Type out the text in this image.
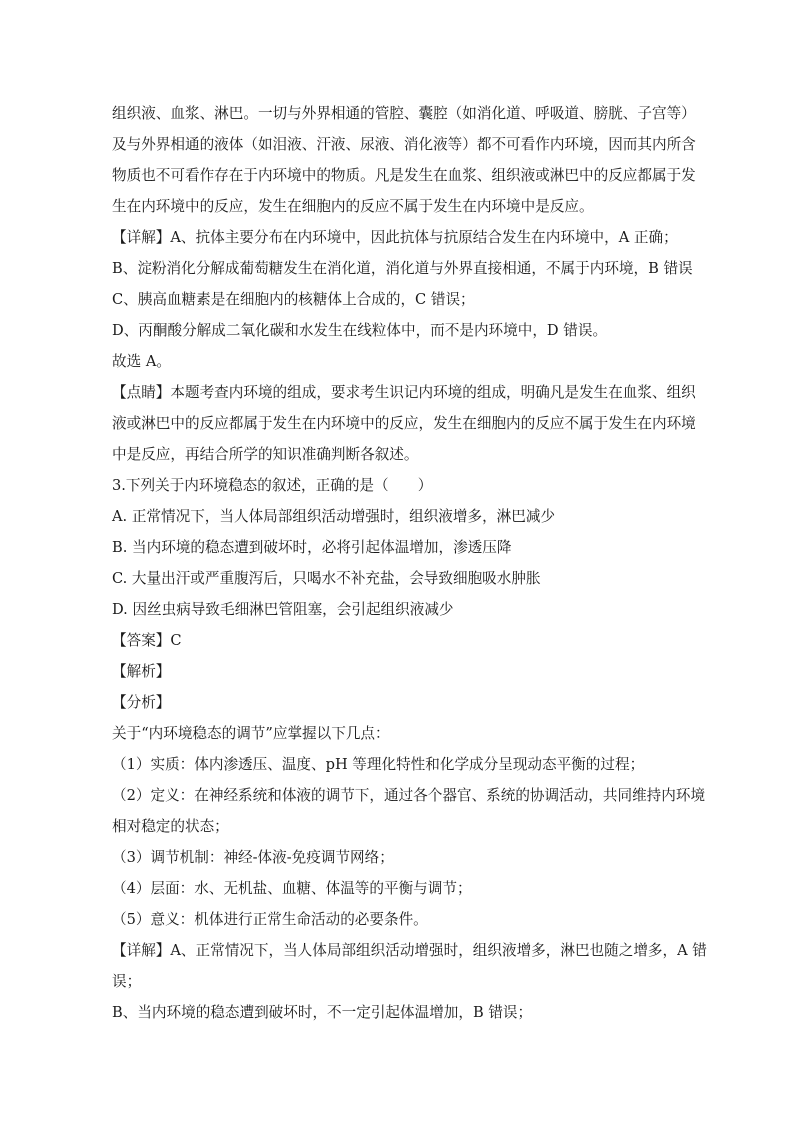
组织液、血浆、淋巴。一切与外界相通的管腔、囊腔（如消化道、呼吸道、膀胱、子宫等）
及与外界相通的液体（如泪液、汗液、尿液、消化液等）都不可看作内环境，因而其内所含
物质也不可看作存在于内环境中的物质。凡是发生在血浆、组织液或淋巴中的反应都属于发
生在内环境中的反应，发生在细胞内的反应不属于发生在内环境中是反应。
【详解】A、抗体主要分布在内环境中，因此抗体与抗原结合发生在内环境中，A 正确；
B、淀粉消化分解成葡萄糖发生在消化道，消化道与外界直接相通，不属于内环境，B 错误
C、胰高血糖素是在细胞内的核糖体上合成的，C 错误；
D、丙酮酸分解成二氧化碳和水发生在线粒体中，而不是内环境中，D 错误。
故选 A。
【点睛】本题考查内环境的组成，要求考生识记内环境的组成，明确凡是发生在血浆、组织
液或淋巴中的反应都属于发生在内环境中的反应，发生在细胞内的反应不属于发生在内环境
中是反应，再结合所学的知识准确判断各叙述。
3.下列关于内环境稳态的叙述，正确的是（　　）
A. 正常情况下，当人体局部组织活动增强时，组织液增多，淋巴减少
B. 当内环境的稳态遭到破坏时，必将引起体温增加，渗透压降
C. 大量出汗或严重腹泻后，只喝水不补充盐，会导致细胞吸水肿胀
D. 因丝虫病导致毛细淋巴管阻塞，会引起组织液减少
【答案】C
【解析】
【分析】
关于“内环境稳态的调节”应掌握以下几点：
（1）实质：体内渗透压、温度、pH 等理化特性和化学成分呈现动态平衡的过程；
（2）定义：在神经系统和体液的调节下，通过各个器官、系统的协调活动，共同维持内环境
相对稳定的状态；
（3）调节机制：神经-体液-免疫调节网络；
（4）层面：水、无机盐、血糖、体温等的平衡与调节；
（5）意义：机体进行正常生命活动的必要条件。
【详解】A、正常情况下，当人体局部组织活动增强时，组织液增多，淋巴也随之增多，A 错
误；
B、当内环境的稳态遭到破坏时，不一定引起体温增加，B 错误；
